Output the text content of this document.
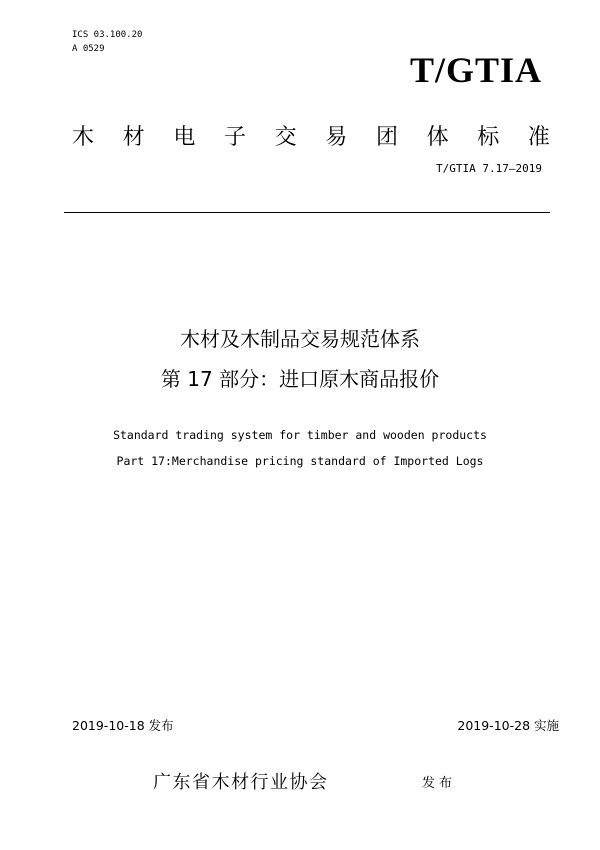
ICS 03.100.20
A 0529
T/GTIA
木 材 电 子 交 易 团 体 标 准
T/GTIA 7.17—2019
木材及木制品交易规范体系
第 17 部分：进口原木商品报价
Standard trading system for timber and wooden products
Part 17:Merchandise pricing standard of Imported Logs
2019-10-18 发布	2019-10-28 实施
广东省木材行业协会	发布
